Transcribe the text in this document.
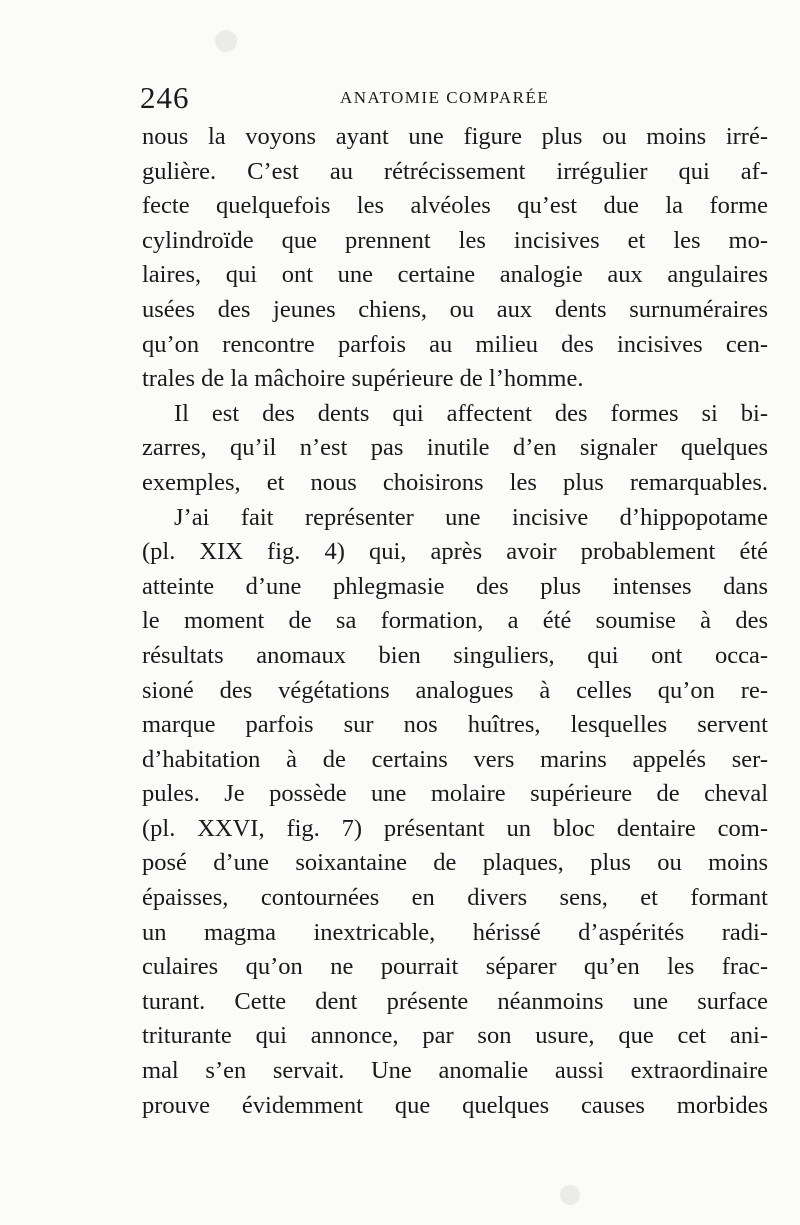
246	ANATOMIE COMPARÉE
nous la voyons ayant une figure plus ou moins irré-
gulière. C’est au rétrécissement irrégulier qui af-
fecte quelquefois les alvéoles qu’est due la forme
cylindroïde que prennent les incisives et les mo-
laires, qui ont une certaine analogie aux angulaires
usées des jeunes chiens, ou aux dents surnuméraires
qu’on rencontre parfois au milieu des incisives cen-
trales de la mâchoire supérieure de l’homme.
Il est des dents qui affectent des formes si bi-
zarres, qu’il n’est pas inutile d’en signaler quelques
exemples, et nous choisirons les plus remarquables.
J’ai fait représenter une incisive d’hippopotame
(pl. XIX fig. 4) qui, après avoir probablement été
atteinte d’une phlegmasie des plus intenses dans
le moment de sa formation, a été soumise à des
résultats anomaux bien singuliers, qui ont occa-
sioné des végétations analogues à celles qu’on re-
marque parfois sur nos huîtres, lesquelles servent
d’habitation à de certains vers marins appelés ser-
pules. Je possède une molaire supérieure de cheval
(pl. XXVI, fig. 7) présentant un bloc dentaire com-
posé d’une soixantaine de plaques, plus ou moins
épaisses, contournées en divers sens, et formant
un magma inextricable, hérissé d’aspérités radi-
culaires qu’on ne pourrait séparer qu’en les frac-
turant. Cette dent présente néanmoins une surface
triturante qui annonce, par son usure, que cet ani-
mal s’en servait. Une anomalie aussi extraordinaire
prouve évidemment que quelques causes morbides
